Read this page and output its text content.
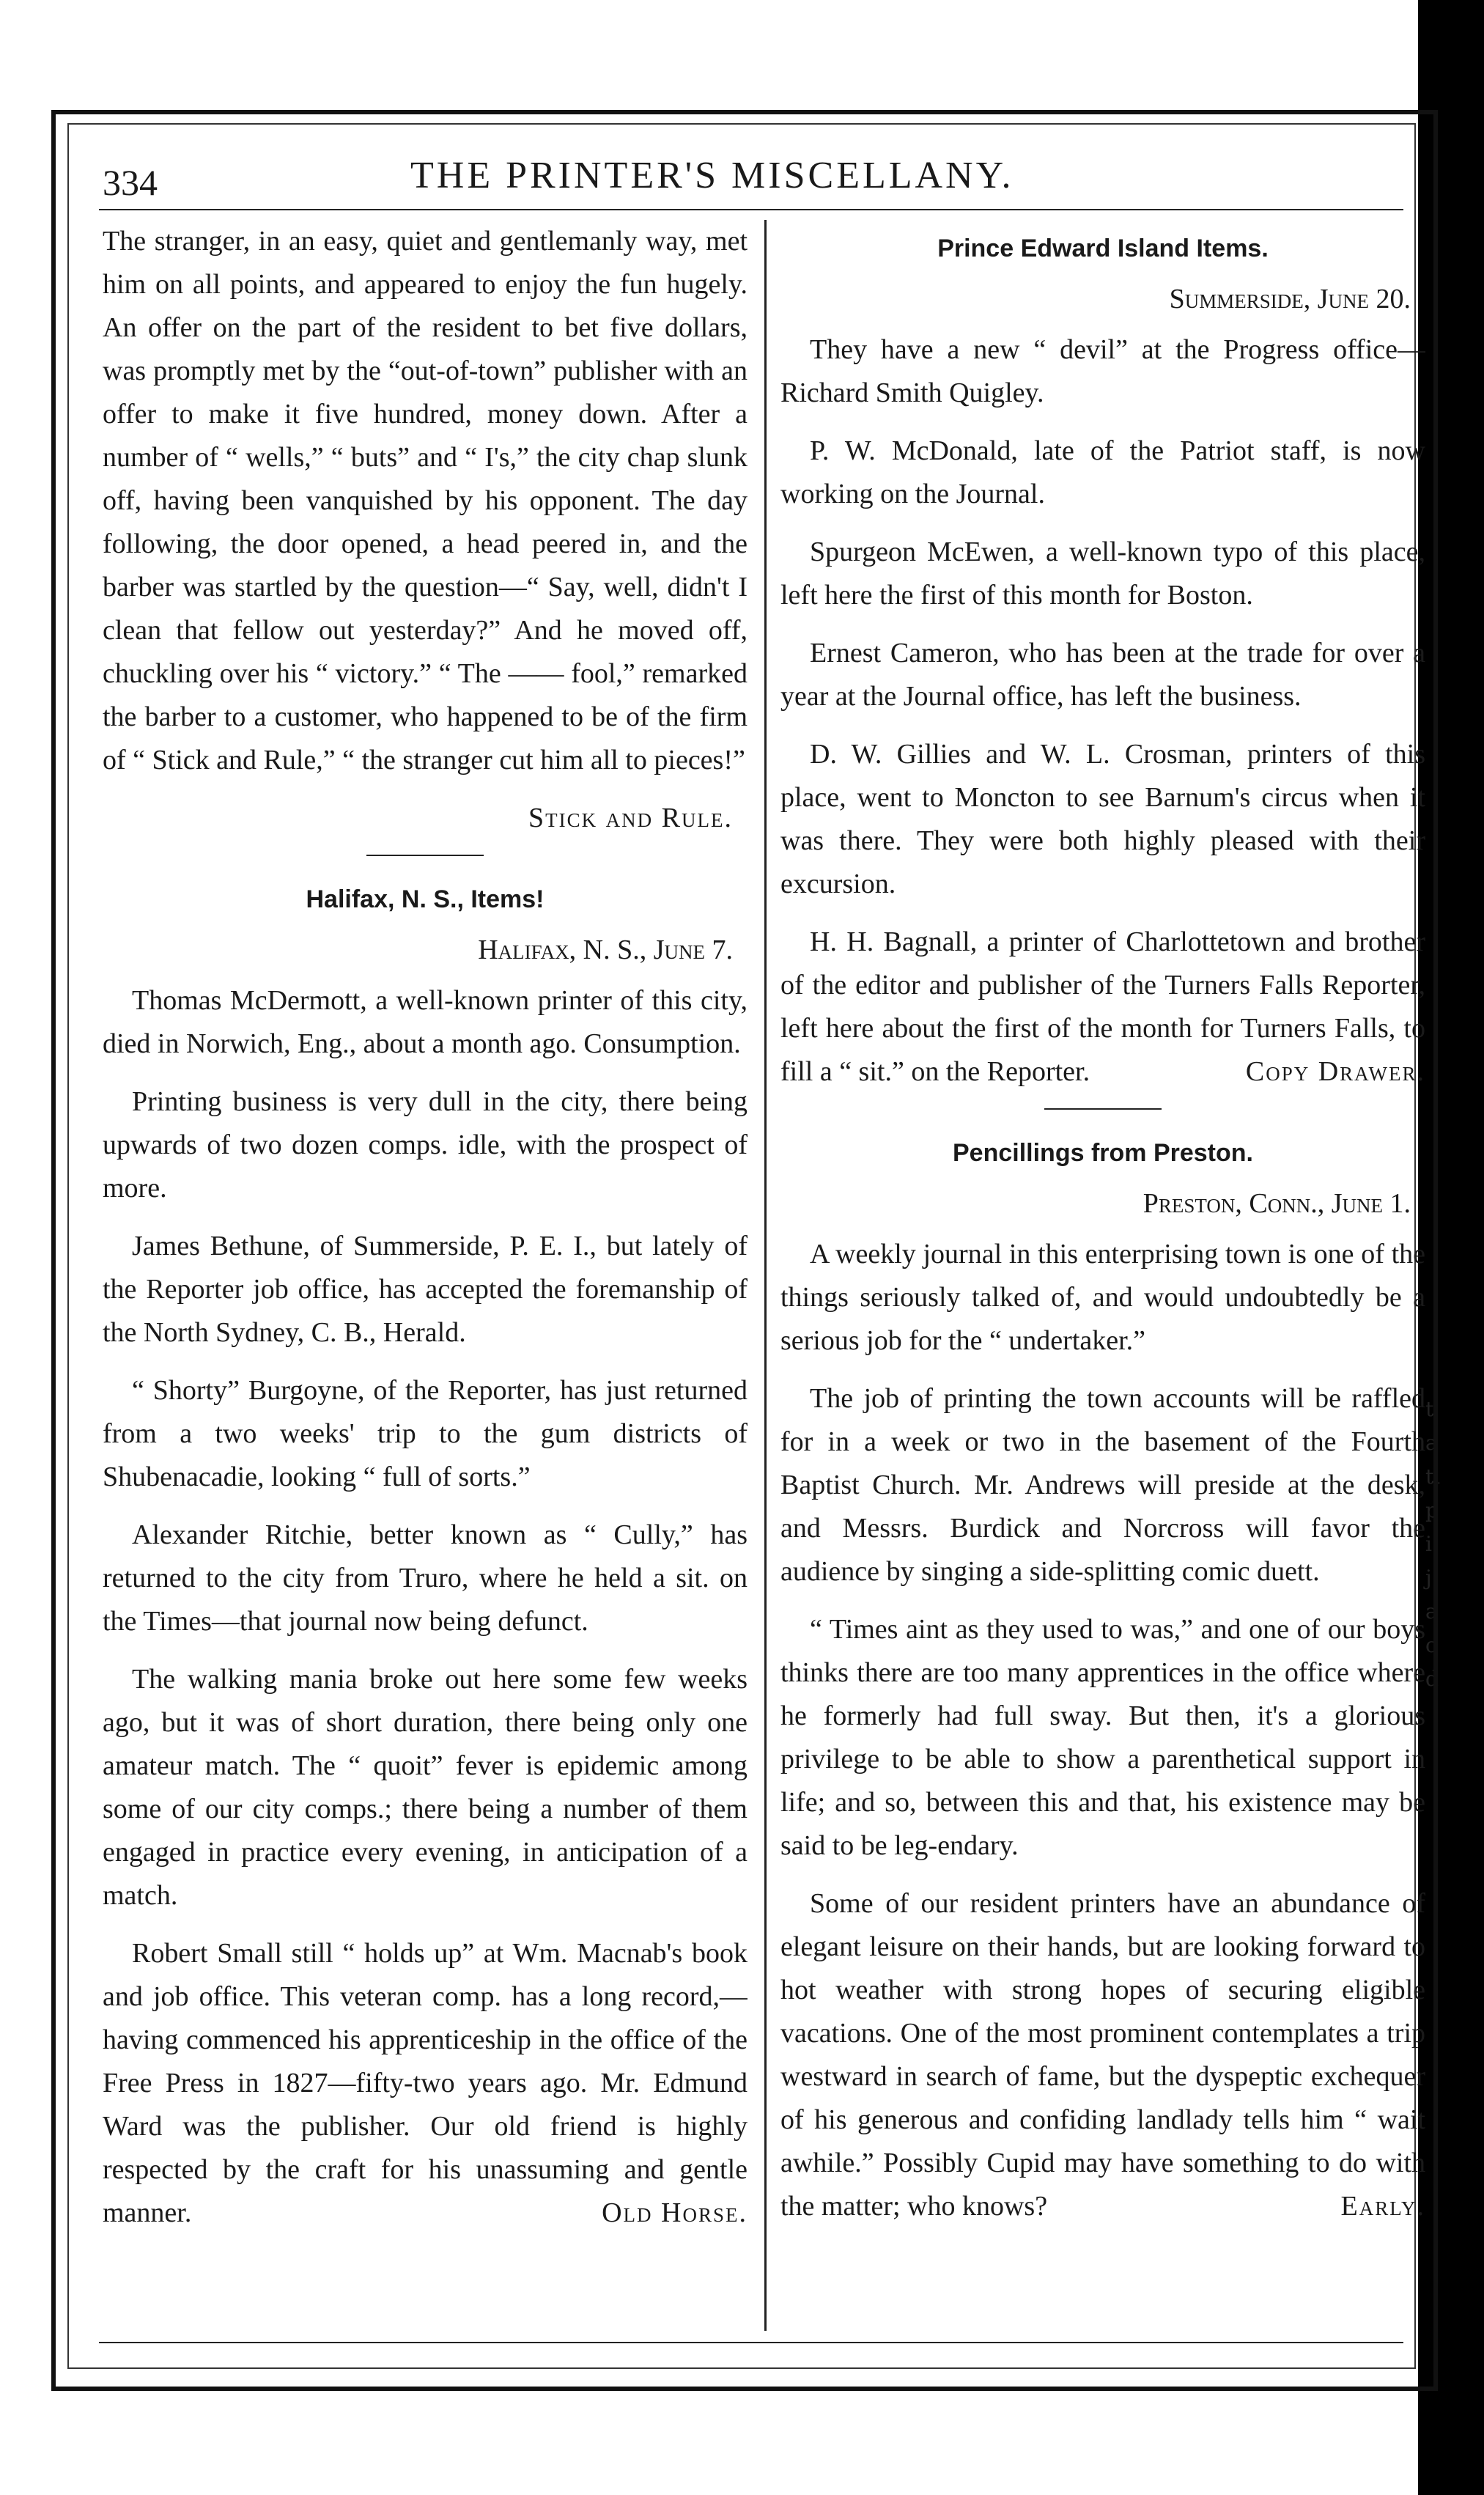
t
a
tl
p
i
j:
a
c
d
334	THE PRINTER'S MISCELLANY.

The stranger, in an easy, quiet and gentlemanly way, met him on all points, and appeared to enjoy the fun hugely. An offer on the part of the resident to bet five dollars, was promptly met by the “out-of-town” publisher with an offer to make it five hundred, money down. After a number of “ wells,” “ buts” and “ I's,” the city chap slunk off, having been vanquished by his opponent. The day following, the door opened, a head peered in, and the barber was startled by the question—“ Say, well, didn't I clean that fellow out yesterday?” And he moved off, chuckling over his “ victory.” “ The —— fool,” remarked the barber to a customer, who happened to be of the firm of “ Stick and Rule,” “ the stranger cut him all to pieces!”

Stick and Rule.
Halifax, N. S., Items!
Halifax, N. S., June 7.

Thomas McDermott, a well-known printer of this city, died in Norwich, Eng., about a month ago. Consumption.

Printing business is very dull in the city, there being upwards of two dozen comps. idle, with the prospect of more.

James Bethune, of Summerside, P. E. I., but lately of the Reporter job office, has accepted the foremanship of the North Sydney, C. B., Herald.

“ Shorty” Burgoyne, of the Reporter, has just returned from a two weeks' trip to the gum districts of Shubenacadie, looking “ full of sorts.”

Alexander Ritchie, better known as “ Cully,” has returned to the city from Truro, where he held a sit. on the Times—that journal now being defunct.

The walking mania broke out here some few weeks ago, but it was of short duration, there being only one amateur match. The “ quoit” fever is epidemic among some of our city comps.; there being a number of them engaged in practice every evening, in anticipation of a match.

Robert Small still “ holds up” at Wm. Macnab's book and job office. This veteran comp. has a long record,—having commenced his apprenticeship in the office of the Free Press in 1827—fifty-two years ago. Mr. Edmund Ward was the publisher. Our old friend is highly respected by the craft for his unassuming and gentle manner.	Old Horse.

Prince Edward Island Items.
Summerside, June 20.

They have a new “ devil” at the Progress office—Richard Smith Quigley.

P. W. McDonald, late of the Patriot staff, is now working on the Journal.

Spurgeon McEwen, a well-known typo of this place, left here the first of this month for Boston.

Ernest Cameron, who has been at the trade for over a year at the Journal office, has left the business.

D. W. Gillies and W. L. Crosman, printers of this place, went to Moncton to see Barnum's circus when it was there. They were both highly pleased with their excursion.

H. H. Bagnall, a printer of Charlottetown and brother of the editor and publisher of the Turners Falls Reporter, left here about the first of the month for Turners Falls, to fill a “ sit.” on the Reporter.	Copy Drawer.

Pencillings from Preston.
Preston, Conn., June 1.

A weekly journal in this enterprising town is one of the things seriously talked of, and would undoubtedly be a serious job for the “ undertaker.”

The job of printing the town accounts will be raffled for in a week or two in the basement of the Fourth Baptist Church. Mr. Andrews will preside at the desk, and Messrs. Burdick and Norcross will favor the audience by singing a side-splitting comic duett.

“ Times aint as they used to was,” and one of our boys thinks there are too many apprentices in the office where he formerly had full sway. But then, it's a glorious privilege to be able to show a parenthetical support in life; and so, between this and that, his existence may be said to be leg-endary.

Some of our resident printers have an abundance of elegant leisure on their hands, but are looking forward to hot weather with strong hopes of securing eligible vacations. One of the most prominent contemplates a trip westward in search of fame, but the dyspeptic exchequer of his generous and confiding landlady tells him “ wait awhile.” Possibly Cupid may have something to do with the matter; who knows?	Early.
